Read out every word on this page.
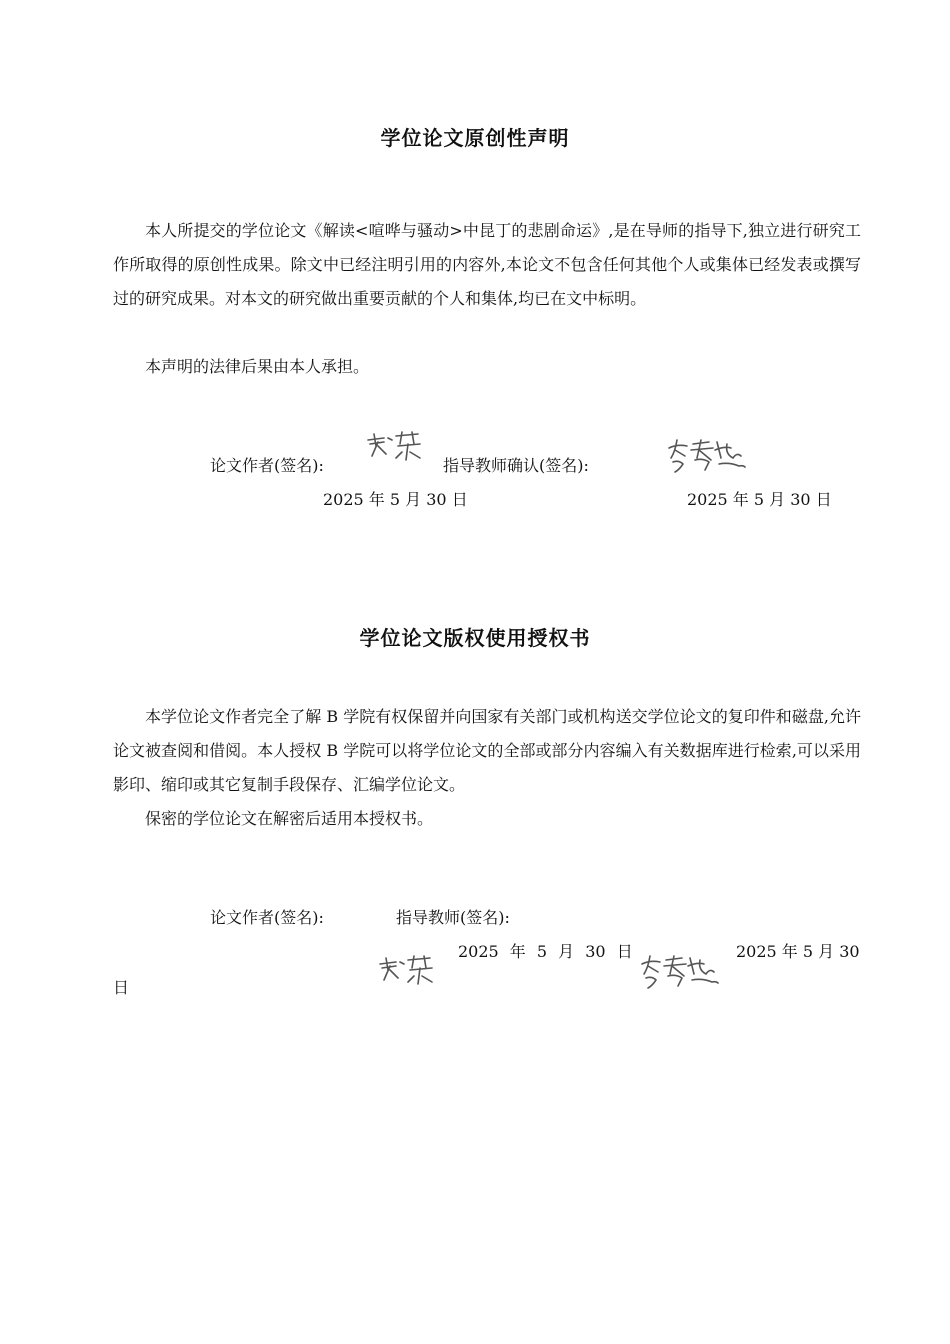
学位论文原创性声明

本人所提交的学位论文《解读<喧哗与骚动>中昆丁的悲剧命运》,是在导师的指导下,独立进行研究工作所取得的原创性成果。除文中已经注明引用的内容外,本论文不包含任何其他个人或集体已经发表或撰写过的研究成果。对本文的研究做出重要贡献的个人和集体,均已在文中标明。

本声明的法律后果由本人承担。

论文作者(签名):	指导教师确认(签名):
2025 年 5 月 30 日	2025 年 5 月 30 日
学位论文版权使用授权书

本学位论文作者完全了解 B 学院有权保留并向国家有关部门或机构送交学位论文的复印件和磁盘,允许论文被查阅和借阅。本人授权 B 学院可以将学位论文的全部或部分内容编入有关数据库进行检索,可以采用影印、缩印或其它复制手段保存、汇编学位论文。

保密的学位论文在解密后适用本授权书。

论文作者(签名):	指导教师(签名):
2025 年 5 月 30 日	2025 年 5 月 30
日
